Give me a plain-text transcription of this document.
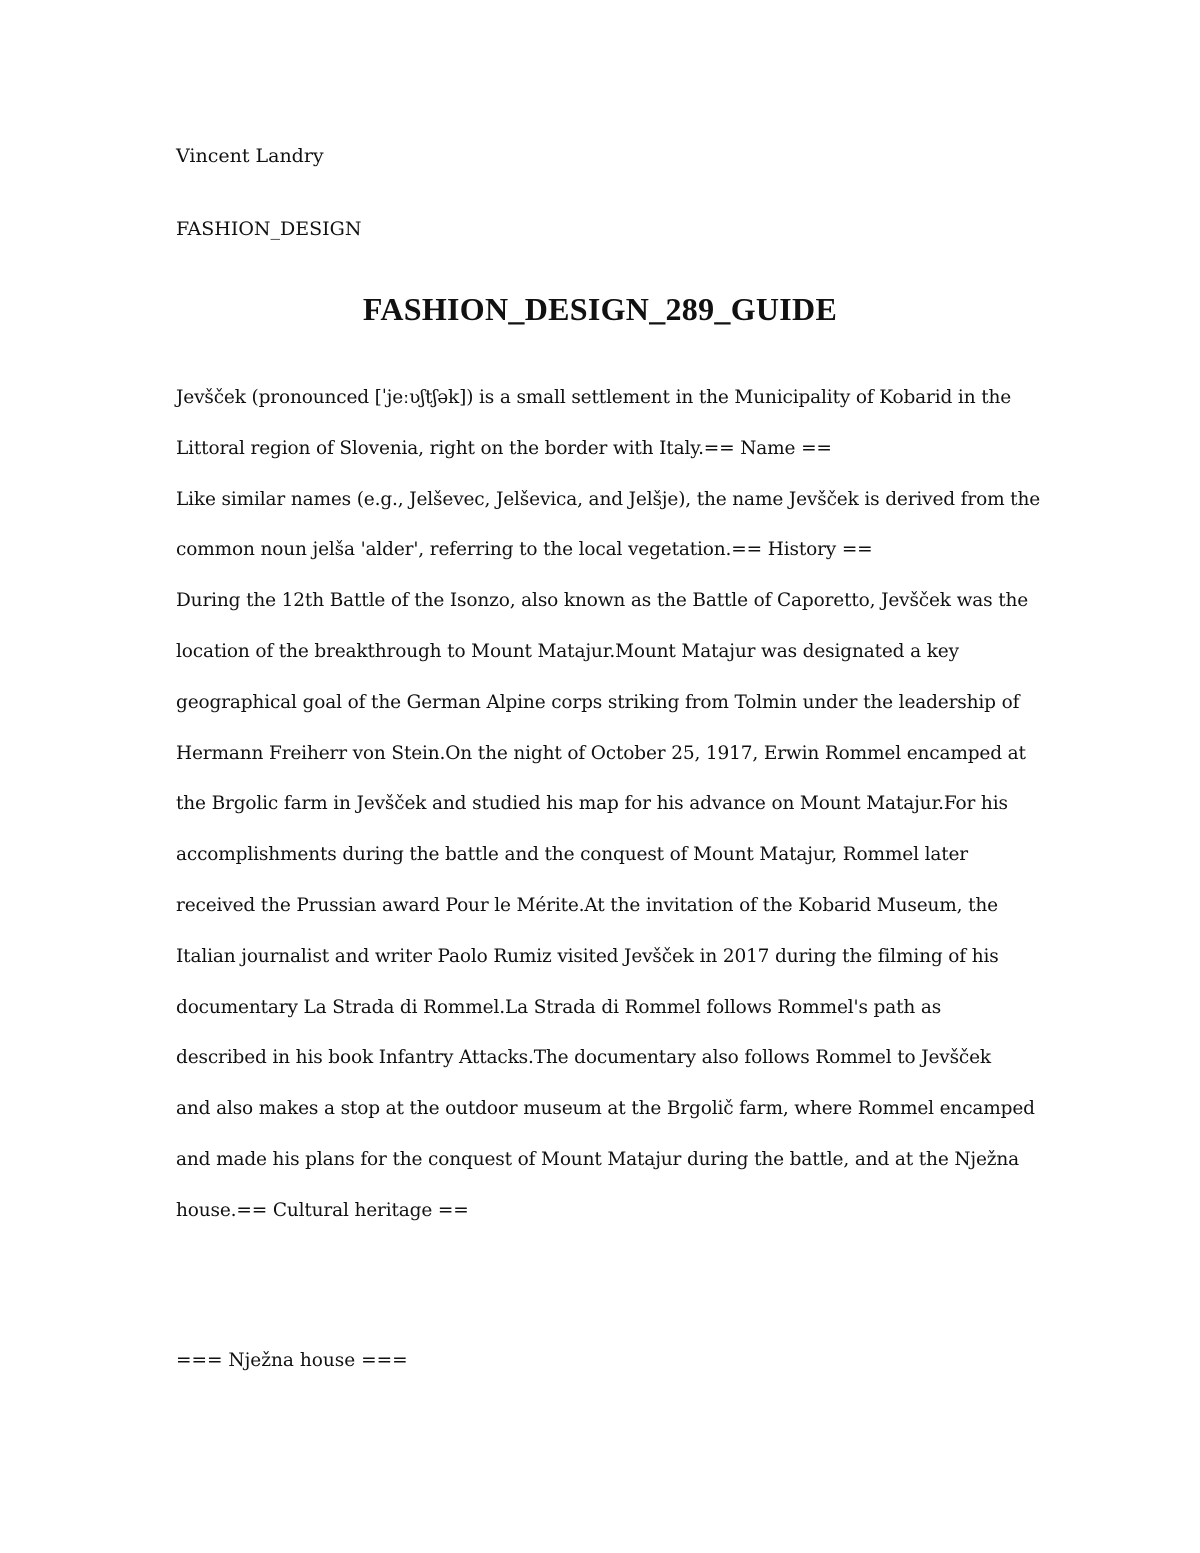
Vincent Landry
FASHION_DESIGN
FASHION_DESIGN_289_GUIDE
Jevšček (pronounced [ˈjeːʋʃtʃək]) is a small settlement in the Municipality of Kobarid in the
Littoral region of Slovenia, right on the border with Italy.== Name ==
Like similar names (e.g., Jelševec, Jelševica, and Jelšje), the name Jevšček is derived from the
common noun jelša 'alder', referring to the local vegetation.== History ==
During the 12th Battle of the Isonzo, also known as the Battle of Caporetto, Jevšček was the
location of the breakthrough to Mount Matajur.Mount Matajur was designated a key
geographical goal of the German Alpine corps striking from Tolmin under the leadership of
Hermann Freiherr von Stein.On the night of October 25, 1917, Erwin Rommel encamped at
the Brgolic farm in Jevšček and studied his map for his advance on Mount Matajur.For his
accomplishments during the battle and the conquest of Mount Matajur, Rommel later
received the Prussian award Pour le Mérite.At the invitation of the Kobarid Museum, the
Italian journalist and writer Paolo Rumiz visited Jevšček in 2017 during the filming of his
documentary La Strada di Rommel.La Strada di Rommel follows Rommel's path as
described in his book Infantry Attacks.The documentary also follows Rommel to Jevšček
and also makes a stop at the outdoor museum at the Brgolič farm, where Rommel encamped
and made his plans for the conquest of Mount Matajur during the battle, and at the Nježna
house.== Cultural heritage ==
=== Nježna house ===
